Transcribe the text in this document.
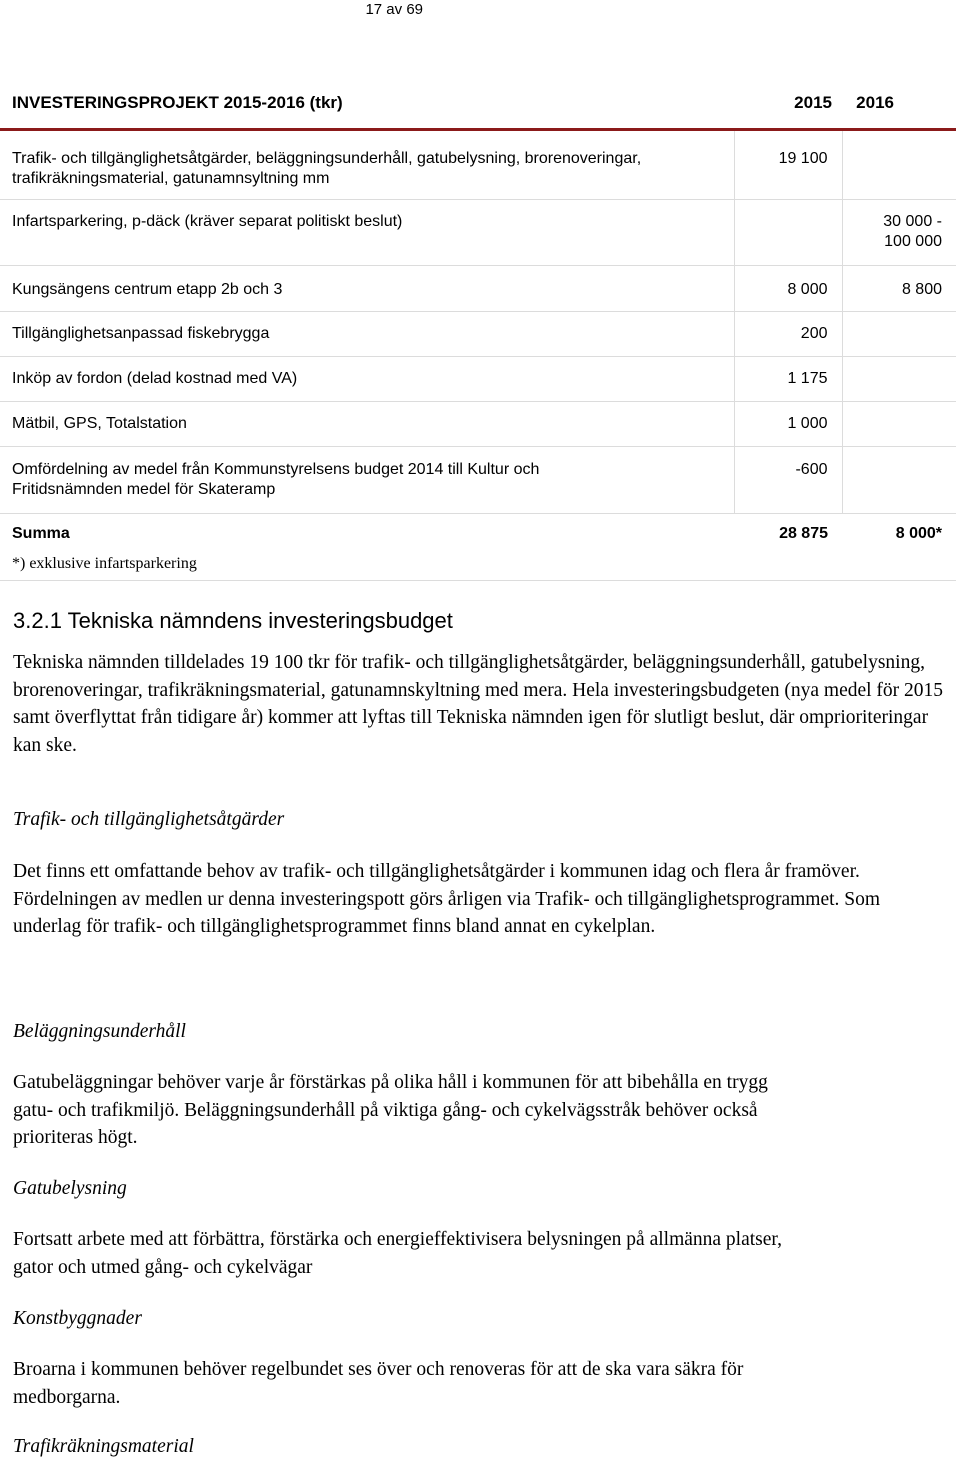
17 av 69
INVESTERINGSPROJEKT 2015-2016 (tkr)	2015	2016
Trafik- och tillgänglighetsåtgärder, beläggningsunderhåll, gatubelysning, brorenoveringar, trafikräkningsmaterial, gatunamnsyltning mm	19 100	
Infartsparkering, p-däck (kräver separat politiskt beslut)		30 000 - 100 000
Kungsängens centrum etapp 2b och 3	8 000	8 800
Tillgänglighetsanpassad fiskebrygga	200	
Inköp av fordon (delad kostnad med VA)	1 175	
Mätbil, GPS, Totalstation	1 000	
Omfördelning av medel från Kommunstyrelsens budget 2014 till Kultur och Fritidsnämnden medel för Skateramp	-600	
Summa	28 875	8 000*
*) exklusive infartsparkering		
3.2.1 Tekniska nämndens investeringsbudget

Tekniska nämnden tilldelades 19 100 tkr för trafik- och tillgänglighetsåtgärder, beläggningsunderhåll, gatubelysning, brorenoveringar, trafikräkningsmaterial, gatunamnskyltning med mera. Hela investeringsbudgeten (nya medel för 2015 samt överflyttat från tidigare år) kommer att lyftas till Tekniska nämnden igen för slutligt beslut, där omprioriteringar kan ske.

Trafik- och tillgänglighetsåtgärder

Det finns ett omfattande behov av trafik- och tillgänglighetsåtgärder i kommunen idag och flera år framöver. Fördelningen av medlen ur denna investeringspott görs årligen via Trafik- och tillgänglighetsprogrammet. Som underlag för trafik- och tillgänglighetsprogrammet finns bland annat en cykelplan.

Beläggningsunderhåll

Gatubeläggningar behöver varje år förstärkas på olika håll i kommunen för att bibehålla en trygg gatu- och trafikmiljö. Beläggningsunderhåll på viktiga gång- och cykelvägsstråk behöver också prioriteras högt.

Gatubelysning

Fortsatt arbete med att förbättra, förstärka och energieffektivisera belysningen på allmänna platser, gator och utmed gång- och cykelvägar

Konstbyggnader

Broarna i kommunen behöver regelbundet ses över och renoveras för att de ska vara säkra för medborgarna.

Trafikräkningsmaterial
